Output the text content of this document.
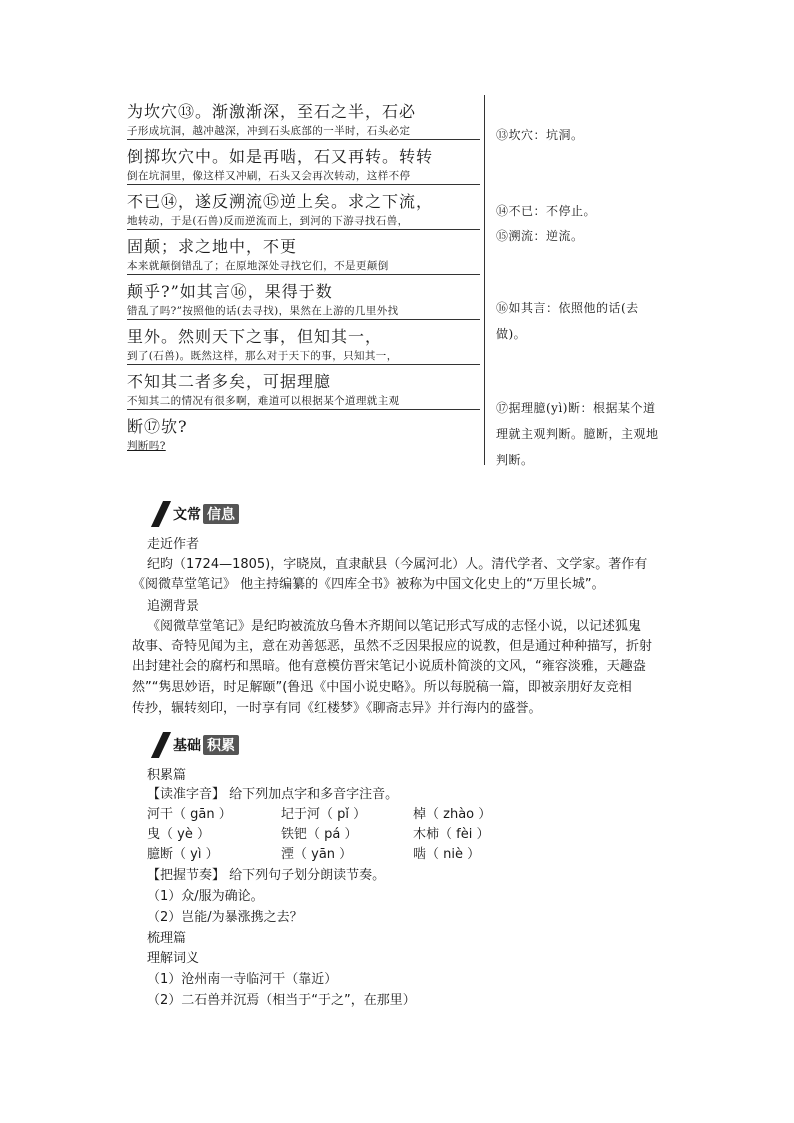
为坎穴⑬。渐激渐深，至石之半，石必
子形成坑洞，越冲越深，冲到石头底部的一半时，石头必定
倒掷坎穴中。如是再啮，石又再转。转转
倒在坑洞里，像这样又冲刷，石头又会再次转动，这样不停
不已⑭，遂反溯流⑮逆上矣。求之下流，
地转动，于是(石兽)反而逆流而上，到河的下游寻找石兽，
固颠；求之地中，不更
本来就颠倒错乱了；在原地深处寻找它们，不是更颠倒
颠乎?”如其言⑯，果得于数
错乱了吗?”按照他的话(去寻找)，果然在上游的几里外找
里外。然则天下之事，但知其一，
到了(石兽)。既然这样，那么对于天下的事，只知其一，
不知其二者多矣，可据理臆
不知其二的情况有很多啊，难道可以根据某个道理就主观
断⑰欤?
判断吗?
⑬坎穴：坑洞。
⑭不已：不停止。
⑮溯流：逆流。
⑯如其言：依照他的话(去做)。
⑰据理臆(yì)断：根据某个道理就主观判断。臆断，主观地判断。
文常 信息
走近作者
纪昀（1724—1805)，字晓岚，直隶献县（今属河北）人。清代学者、文学家。著作有
《阅微草堂笔记》 他主持编纂的《四库全书》被称为中国文化史上的“万里长城”。
追溯背景
《阅微草堂笔记》是纪昀被流放乌鲁木齐期间以笔记形式写成的志怪小说，以记述狐鬼
故事、奇特见闻为主，意在劝善惩恶，虽然不乏因果报应的说教，但是通过种种描写，折射
出封建社会的腐朽和黑暗。他有意模仿晋宋笔记小说质朴简淡的文风，“雍容淡雅，天趣盎
然”“隽思妙语，时足解颐”(鲁迅《中国小说史略》。所以每脱稿一篇，即被亲朋好友竞相
传抄，辗转刻印，一时享有同《红楼梦》《聊斋志异》并行海内的盛誉。
基础 积累
积累篇
【读准字音】 给下列加点字和多音字注音。
河干（ gān ）	圮于河（ pǐ ）	棹（ zhào ）
曳（ yè ）	铁钯（ pá ）	木柿（ fèi ）
臆断（ yì ）	湮（ yān ）	啮（ niè ）
【把握节奏】 给下列句子划分朗读节奏。
（1）众/服为确论。
（2）岂能/为暴涨携之去？
梳理篇
理解词义
（1）沧州南一寺临河干（靠近）
（2）二石兽并沉焉（相当于“于之”，在那里）
